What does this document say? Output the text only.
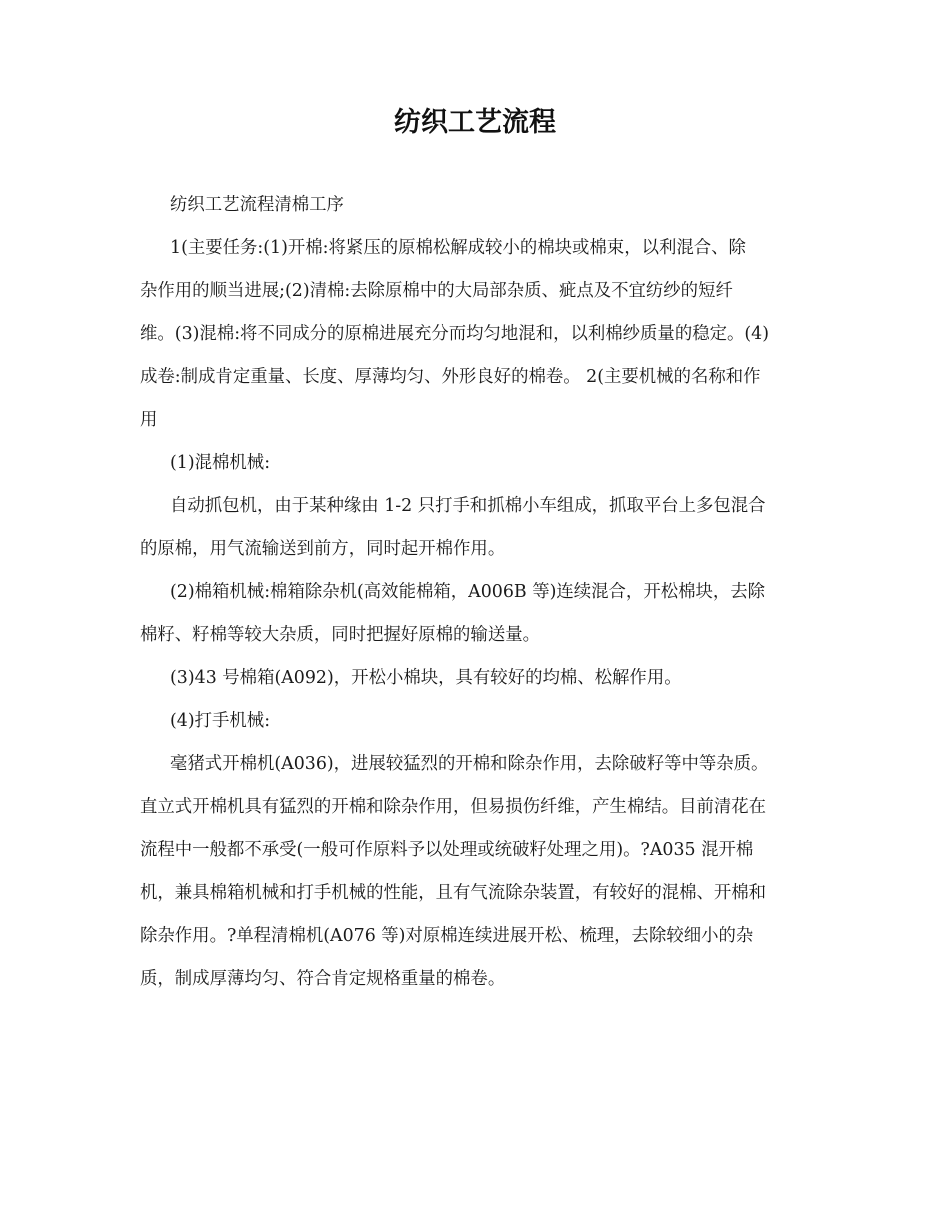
纺织工艺流程

纺织工艺流程清棉工序

1(主要任务:(1)开棉:将紧压的原棉松解成较小的棉块或棉束，以利混合、除
杂作用的顺当进展;(2)清棉:去除原棉中的大局部杂质、疵点及不宜纺纱的短纤
维。(3)混棉:将不同成分的原棉进展充分而均匀地混和，以利棉纱质量的稳定。(4)
成卷:制成肯定重量、长度、厚薄均匀、外形良好的棉卷。 2(主要机械的名称和作
用

(1)混棉机械:

自动抓包机，由于某种缘由 1-2 只打手和抓棉小车组成，抓取平台上多包混合
的原棉，用气流输送到前方，同时起开棉作用。

(2)棉箱机械:棉箱除杂机(高效能棉箱，A006B 等)连续混合，开松棉块，去除
棉籽、籽棉等较大杂质，同时把握好原棉的输送量。

(3)43 号棉箱(A092)，开松小棉块，具有较好的均棉、松解作用。

(4)打手机械:

毫猪式开棉机(A036)，进展较猛烈的开棉和除杂作用，去除破籽等中等杂质。
直立式开棉机具有猛烈的开棉和除杂作用，但易损伤纤维，产生棉结。目前清花在
流程中一般都不承受(一般可作原料予以处理或统破籽处理之用)。?A035 混开棉
机，兼具棉箱机械和打手机械的性能，且有气流除杂装置，有较好的混棉、开棉和
除杂作用。?单程清棉机(A076 等)对原棉连续进展开松、梳理，去除较细小的杂
质，制成厚薄均匀、符合肯定规格重量的棉卷。
